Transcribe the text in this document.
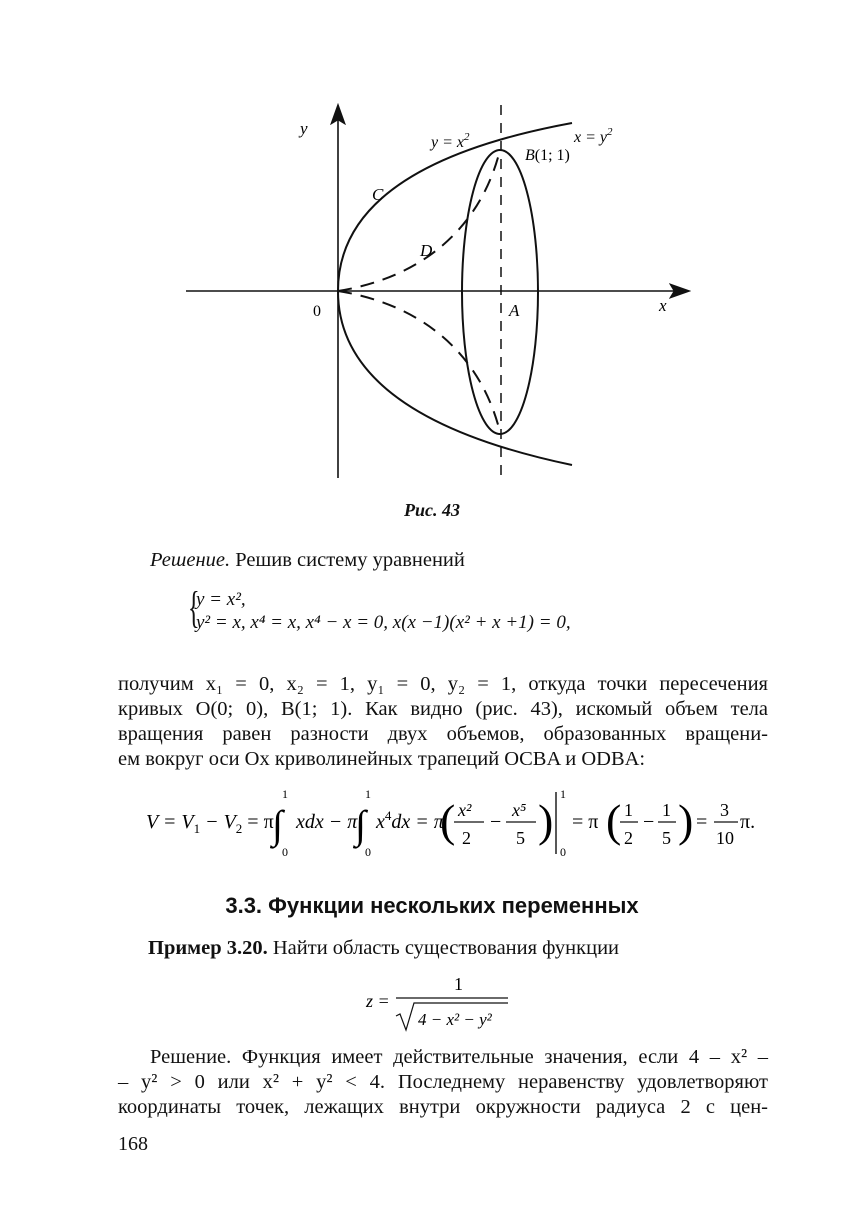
y
x
0
$y = x^2$	$x = y^2$
B(1; 1)
C
D
A
Рис. 43
Решение. Решив систему уравнений
{
y = x²,
y² = x, x⁴ = x, x⁴ − x = 0, x(x −1)(x² + x +1) = 0,
получим x₁ = 0, x₂ = 1, y₁ = 0, y₂ = 1, откуда точки пересечения
кривых O(0; 0), B(1; 1). Как видно (рис. 43), искомый объем тела
вращения равен разности двух объемов, образованных вращени-
ем вокруг оси Ox криволинейных трапеций OCBA и ODBA:
$V = V_1 - V_2 = \pi$
∫
1
0
xdx − π
∫
1
0
$x^4dx = \pi$
( x²
2
−
x⁵
5 )
1
0
= π ( 1
2
−
1
5 ) =
3
10
π.
3.3. Функции нескольких переменных
Пример 3.20. Найти область существования функции
z =
1
4 − x² − y²
Решение. Функция имеет действительные значения, если 4 – x² –
– y² > 0 или x² + y² < 4. Последнему неравенству удовлетворяют
координаты точек, лежащих внутри окружности радиуса 2 с цен-
168
